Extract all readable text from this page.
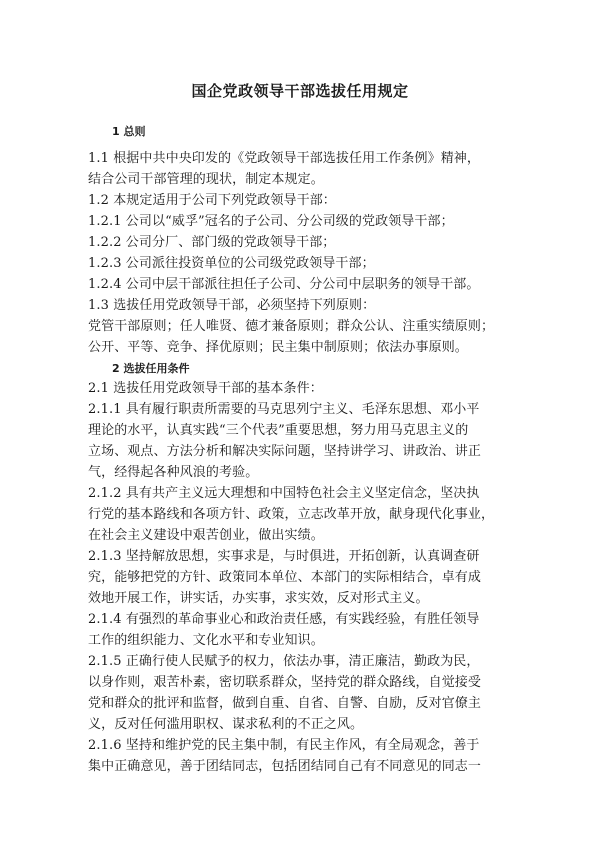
国企党政领导干部选拔任用规定
1 总则
1.1 根据中共中央印发的《党政领导干部选拔任用工作条例》精神，
结合公司干部管理的现状，制定本规定。
1.2 本规定适用于公司下列党政领导干部：
1.2.1 公司以“威孚”冠名的子公司、分公司级的党政领导干部；
1.2.2 公司分厂、部门级的党政领导干部；
1.2.3 公司派往投资单位的公司级党政领导干部；
1.2.4 公司中层干部派往担任子公司、分公司中层职务的领导干部。
1.3 选拔任用党政领导干部，必须坚持下列原则：
党管干部原则；任人唯贤、德才兼备原则；群众公认、注重实绩原则；
公开、平等、竞争、择优原则；民主集中制原则；依法办事原则。
2 选拔任用条件
2.1 选拔任用党政领导干部的基本条件：
2.1.1 具有履行职责所需要的马克思列宁主义、毛泽东思想、邓小平
理论的水平，认真实践“三个代表”重要思想，努力用马克思主义的
立场、观点、方法分析和解决实际问题，坚持讲学习、讲政治、讲正
气，经得起各种风浪的考验。
2.1.2 具有共产主义远大理想和中国特色社会主义坚定信念，坚决执
行党的基本路线和各项方针、政策，立志改革开放，献身现代化事业，
在社会主义建设中艰苦创业，做出实绩。
2.1.3 坚持解放思想，实事求是，与时俱进，开拓创新，认真调查研
究，能够把党的方针、政策同本单位、本部门的实际相结合，卓有成
效地开展工作，讲实话，办实事，求实效，反对形式主义。
2.1.4 有强烈的革命事业心和政治责任感，有实践经验，有胜任领导
工作的组织能力、文化水平和专业知识。
2.1.5 正确行使人民赋予的权力，依法办事，清正廉洁，勤政为民，
以身作则，艰苦朴素，密切联系群众，坚持党的群众路线，自觉接受
党和群众的批评和监督，做到自重、自省、自警、自励，反对官僚主
义，反对任何滥用职权、谋求私利的不正之风。
2.1.6 坚持和维护党的民主集中制，有民主作风，有全局观念，善于
集中正确意见，善于团结同志，包括团结同自己有不同意见的同志一
